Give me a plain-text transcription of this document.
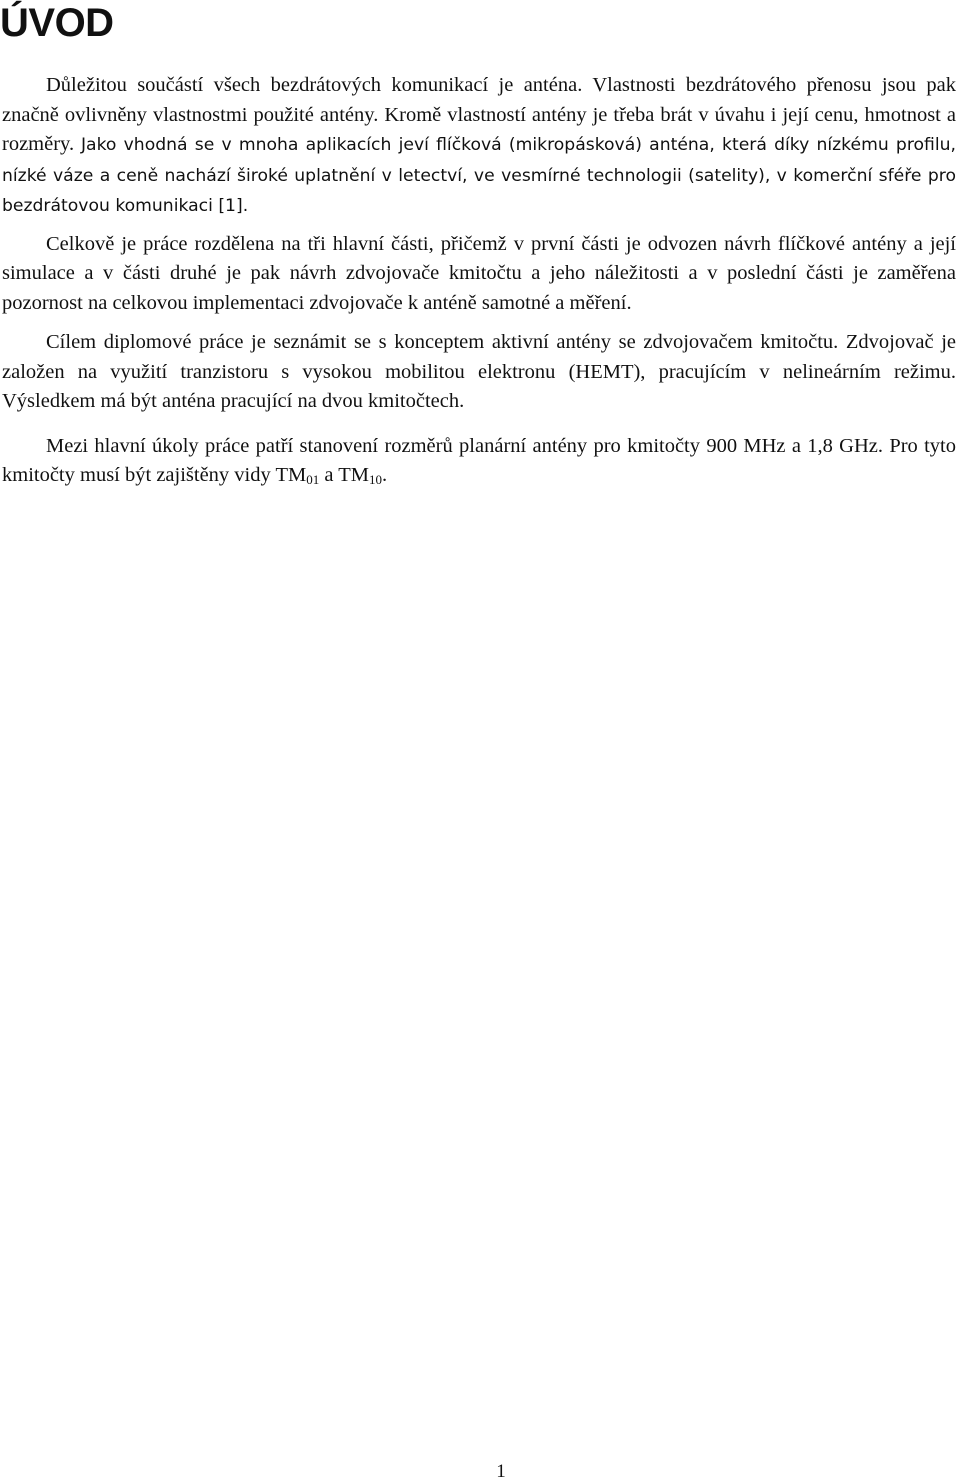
ÚVOD

Důležitou součástí všech bezdrátových komunikací je anténa. Vlastnosti bezdrátového přenosu jsou pak značně ovlivněny vlastnostmi použité antény. Kromě vlastností antény je třeba brát v úvahu i její cenu, hmotnost a rozměry. Jako vhodná se v mnoha aplikacích jeví flíčková (mikropásková) anténa, která díky nízkému profilu, nízké váze a ceně nachází široké uplatnění v letectví, ve vesmírné technologii (satelity), v komerční sféře pro bezdrátovou komunikaci [1].

Celkově je práce rozdělena na tři hlavní části, přičemž v první části je odvozen návrh flíčkové antény a její simulace a v části druhé je pak návrh zdvojovače kmitočtu a jeho náležitosti a v poslední části je zaměřena pozornost na celkovou implementaci zdvojovače k anténě samotné a měření.

Cílem diplomové práce je seznámit se s konceptem aktivní antény se zdvojovačem kmitočtu. Zdvojovač je založen na využití tranzistoru s vysokou mobilitou elektronu (HEMT), pracujícím v nelineárním režimu. Výsledkem má být anténa pracující na dvou kmitočtech.

Mezi hlavní úkoly práce patří stanovení rozměrů planární antény pro kmitočty 900 MHz a 1,8 GHz. Pro tyto kmitočty musí být zajištěny vidy $TM_{01}$ a $TM_{10}$.

1
